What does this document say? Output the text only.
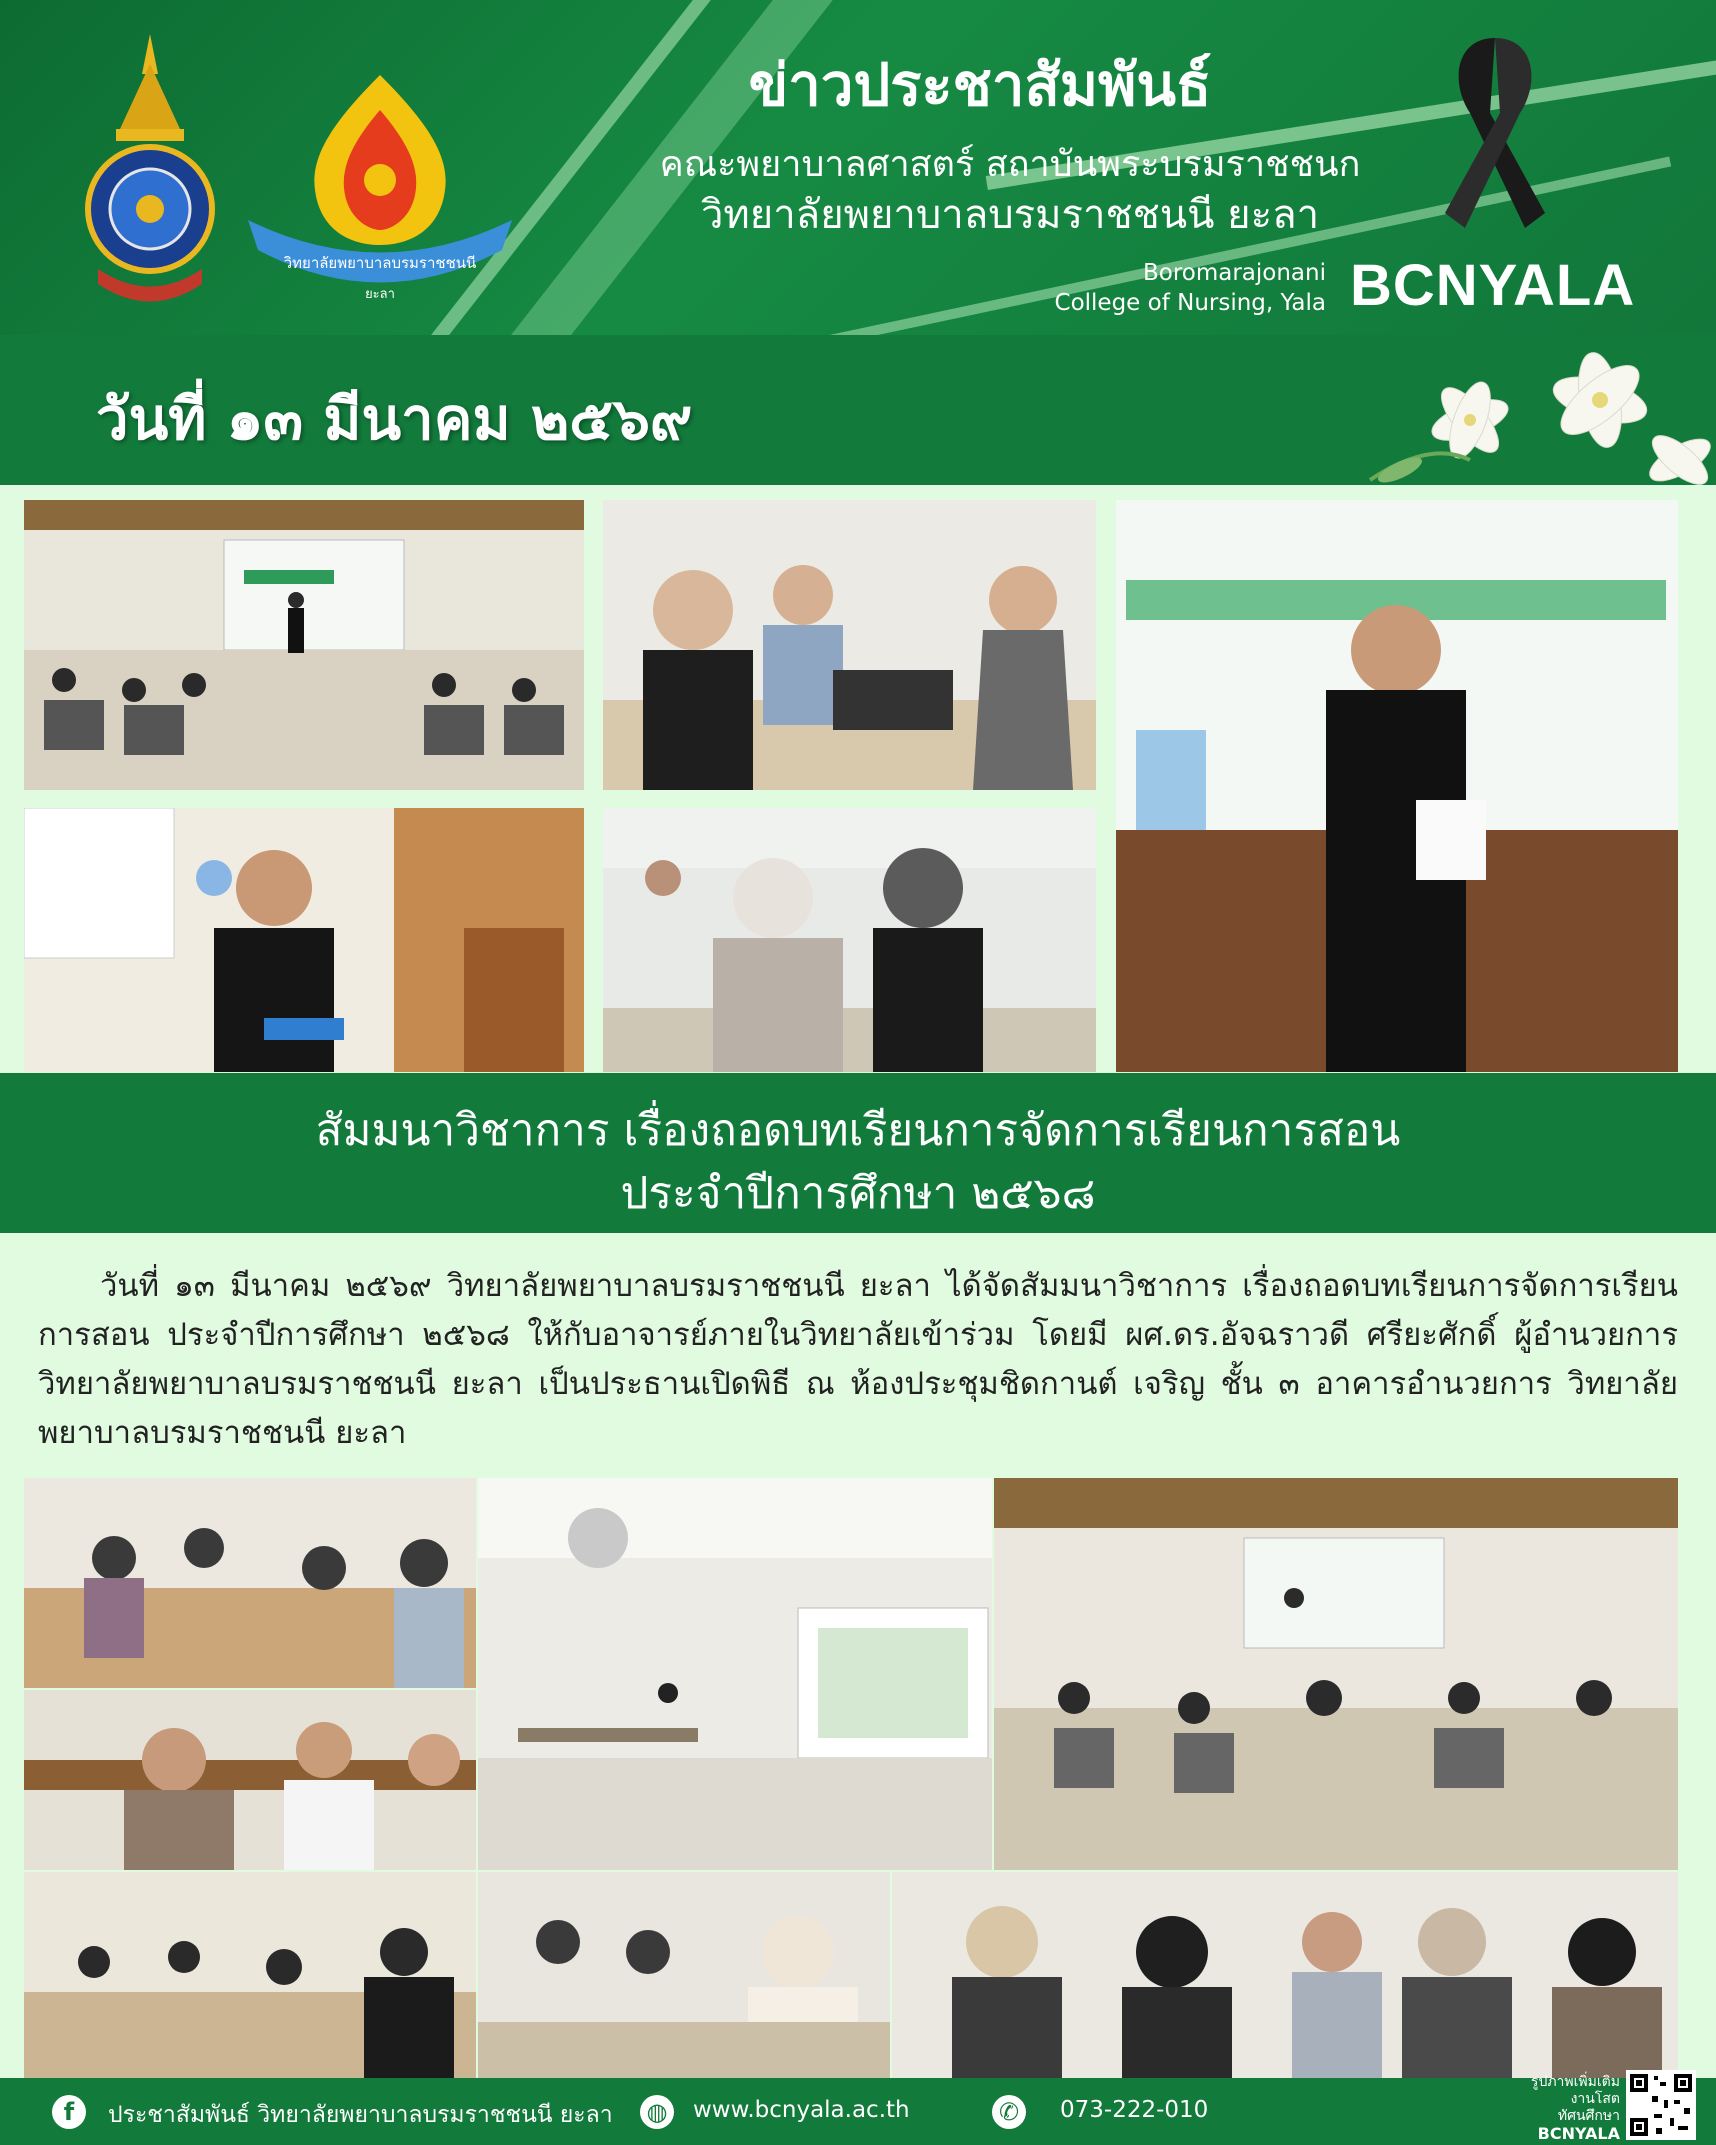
วิทยาลัยพยาบาลบรมราชชนนี
ยะลา
ข่าวประชาสัมพันธ์
คณะพยาบาลศาสตร์ สถาบันพระบรมราชชนก
วิทยาลัยพยาบาลบรมราชชนนี ยะลา
Boromarajonani
College of Nursing, Yala BCNYALA
วันที่ ๑๓ มีนาคม ๒๕๖๙
สัมมนาวิชาการ เรื่องถอดบทเรียนการจัดการเรียนการสอน
ประจำปีการศึกษา ๒๕๖๘
วันที่ ๑๓ มีนาคม ๒๕๖๙ วิทยาลัยพยาบาลบรมราชชนนี ยะลา ได้จัดสัมมนาวิชาการ เรื่องถอดบทเรียนการจัดการเรียนการสอน ประจำปีการศึกษา ๒๕๖๘ ให้กับอาจารย์ภายในวิทยาลัยเข้าร่วม โดยมี ผศ.ดร.อัจฉราวดี ศรียะศักดิ์ ผู้อำนวยการวิทยาลัยพยาบาลบรมราชชนนี ยะลา เป็นประธานเปิดพิธี ณ ห้องประชุมชิดกานต์ เจริญ ชั้น ๓ อาคารอำนวยการ วิทยาลัยพยาบาลบรมราชชนนี ยะลา
f	ประชาสัมพันธ์ วิทยาลัยพยาบาลบรมราชชนนี ยะลา ◍ www.bcnyala.ac.th	✆	073-222-010
รูปภาพเพิ่มเติม
งานโสตทัศนศึกษา
BCNYALA
